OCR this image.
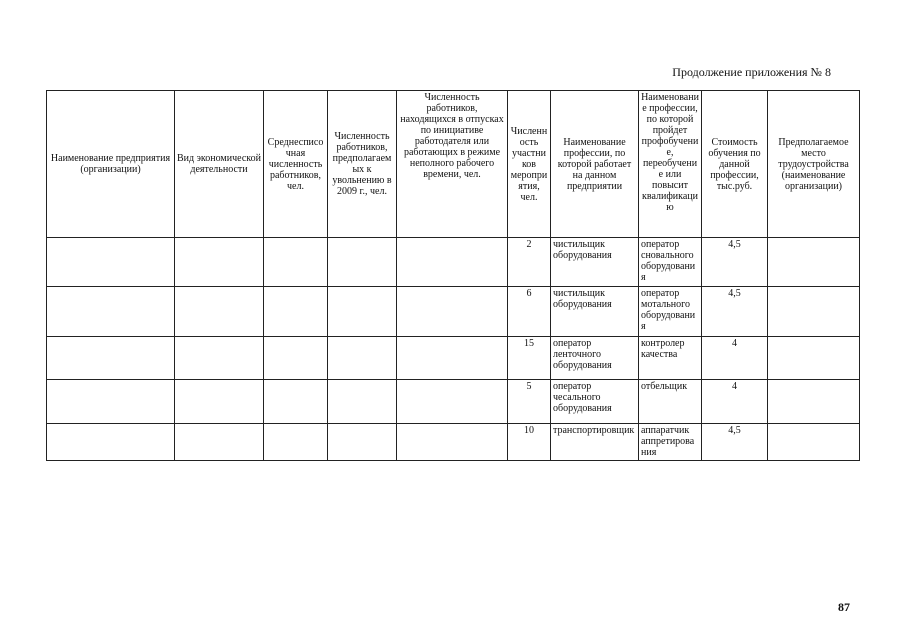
Продолжение приложения № 8
Наименование предприятия (организации)	Вид экономической деятельности	Среднесписочная численность работников, чел.	Численность работников, предполагаемых к увольнению в 2009 г., чел.	Численность работников, находящихся в отпусках по инициативе работодателя или работающих в режиме неполного рабочего времени, чел.	Численность участников мероприятия, чел.	Наименование профессии, по которой работает на данном предприятии	Наименование профессии, по которой пройдет профобучение, переобучение или повысит квалификацию	Стоимость обучения по данной профессии, тыс.руб.	Предполагаемое место трудоустройства (наименование организации)
					2	чистильщик оборудования	оператор сновального оборудования	4,5	
					6	чистильщик оборудования	оператор мотального оборудования	4,5	
					15	оператор ленточного оборудования	контролер качества	4	
					5	оператор чесального оборудования	отбельщик	4	
					10	транспортировщик	аппаратчик аппретирования	4,5	
87
